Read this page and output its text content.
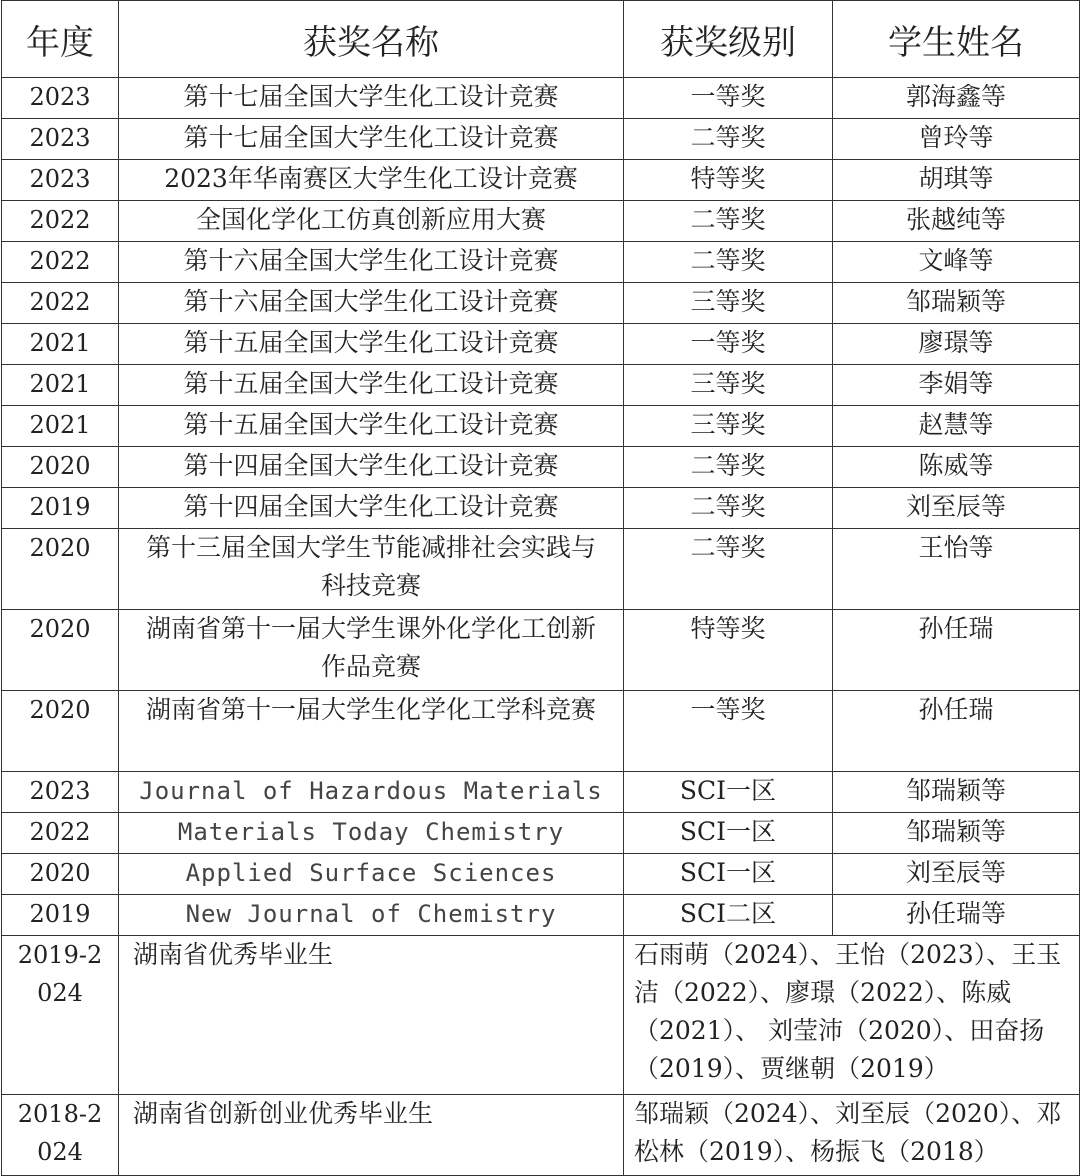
年度	获奖名称	获奖级别	学生姓名
2023	第十七届全国大学生化工设计竞赛	一等奖	郭海鑫等
2023	第十七届全国大学生化工设计竞赛	二等奖	曾玲等
2023	2023年华南赛区大学生化工设计竞赛	特等奖	胡琪等
2022	全国化学化工仿真创新应用大赛	二等奖	张越纯等
2022	第十六届全国大学生化工设计竞赛	二等奖	文峰等
2022	第十六届全国大学生化工设计竞赛	三等奖	邹瑞颖等
2021	第十五届全国大学生化工设计竞赛	一等奖	廖璟等
2021	第十五届全国大学生化工设计竞赛	三等奖	李娟等
2021	第十五届全国大学生化工设计竞赛	三等奖	赵慧等
2020	第十四届全国大学生化工设计竞赛	二等奖	陈威等
2019	第十四届全国大学生化工设计竞赛	二等奖	刘至辰等
2020	第十三届全国大学生节能减排社会实践与科技竞赛	二等奖	王怡等
2020	湖南省第十一届大学生课外化学化工创新作品竞赛	特等奖	孙任瑞
2020	湖南省第十一届大学生化学化工学科竞赛	一等奖	孙任瑞
2023	Journal of Hazardous Materials	SCI一区	邹瑞颖等
2022	Materials Today Chemistry	SCI一区	邹瑞颖等
2020	Applied Surface Sciences	SCI一区	刘至辰等
2019	New Journal of Chemistry	SCI二区	孙任瑞等
2019-2024	湖南省优秀毕业生	石雨萌（2024）、王怡（2023）、王玉洁（2022）、廖璟（2022）、陈威（2021）、 刘莹沛（2020）、田奋扬（2019）、贾继朝（2019）	
2018-2024	湖南省创新创业优秀毕业生	邹瑞颖（2024）、刘至辰（2020）、邓松林（2019）、杨振飞（2018）	
